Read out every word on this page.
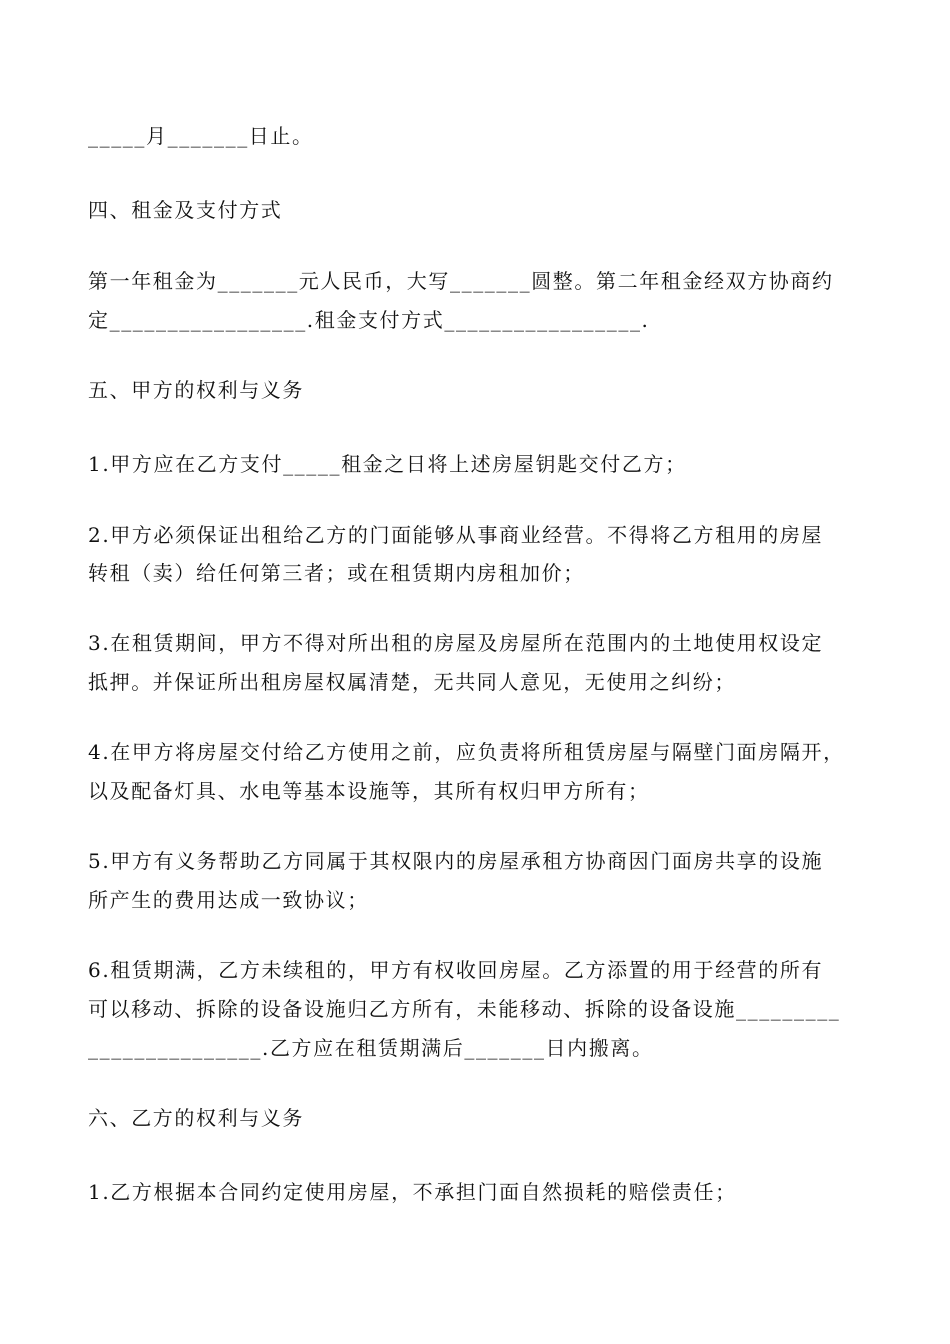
_____月_______日止。
四、租金及支付方式
第一年租金为_______元人民币，大写_______圆整。第二年租金经双方协商约
定_________________.租金支付方式_________________.
五、甲方的权利与义务
1.甲方应在乙方支付_____租金之日将上述房屋钥匙交付乙方；
2.甲方必须保证出租给乙方的门面能够从事商业经营。不得将乙方租用的房屋
转租（卖）给任何第三者；或在租赁期内房租加价；
3.在租赁期间，甲方不得对所出租的房屋及房屋所在范围内的土地使用权设定
抵押。并保证所出租房屋权属清楚，无共同人意见，无使用之纠纷；
4.在甲方将房屋交付给乙方使用之前，应负责将所租赁房屋与隔壁门面房隔开，
以及配备灯具、水电等基本设施等，其所有权归甲方所有；
5.甲方有义务帮助乙方同属于其权限内的房屋承租方协商因门面房共享的设施
所产生的费用达成一致协议；
6.租赁期满，乙方未续租的，甲方有权收回房屋。乙方添置的用于经营的所有
可以移动、拆除的设备设施归乙方所有，未能移动、拆除的设备设施_________
_______________.乙方应在租赁期满后_______日内搬离。
六、乙方的权利与义务
1.乙方根据本合同约定使用房屋，不承担门面自然损耗的赔偿责任；
